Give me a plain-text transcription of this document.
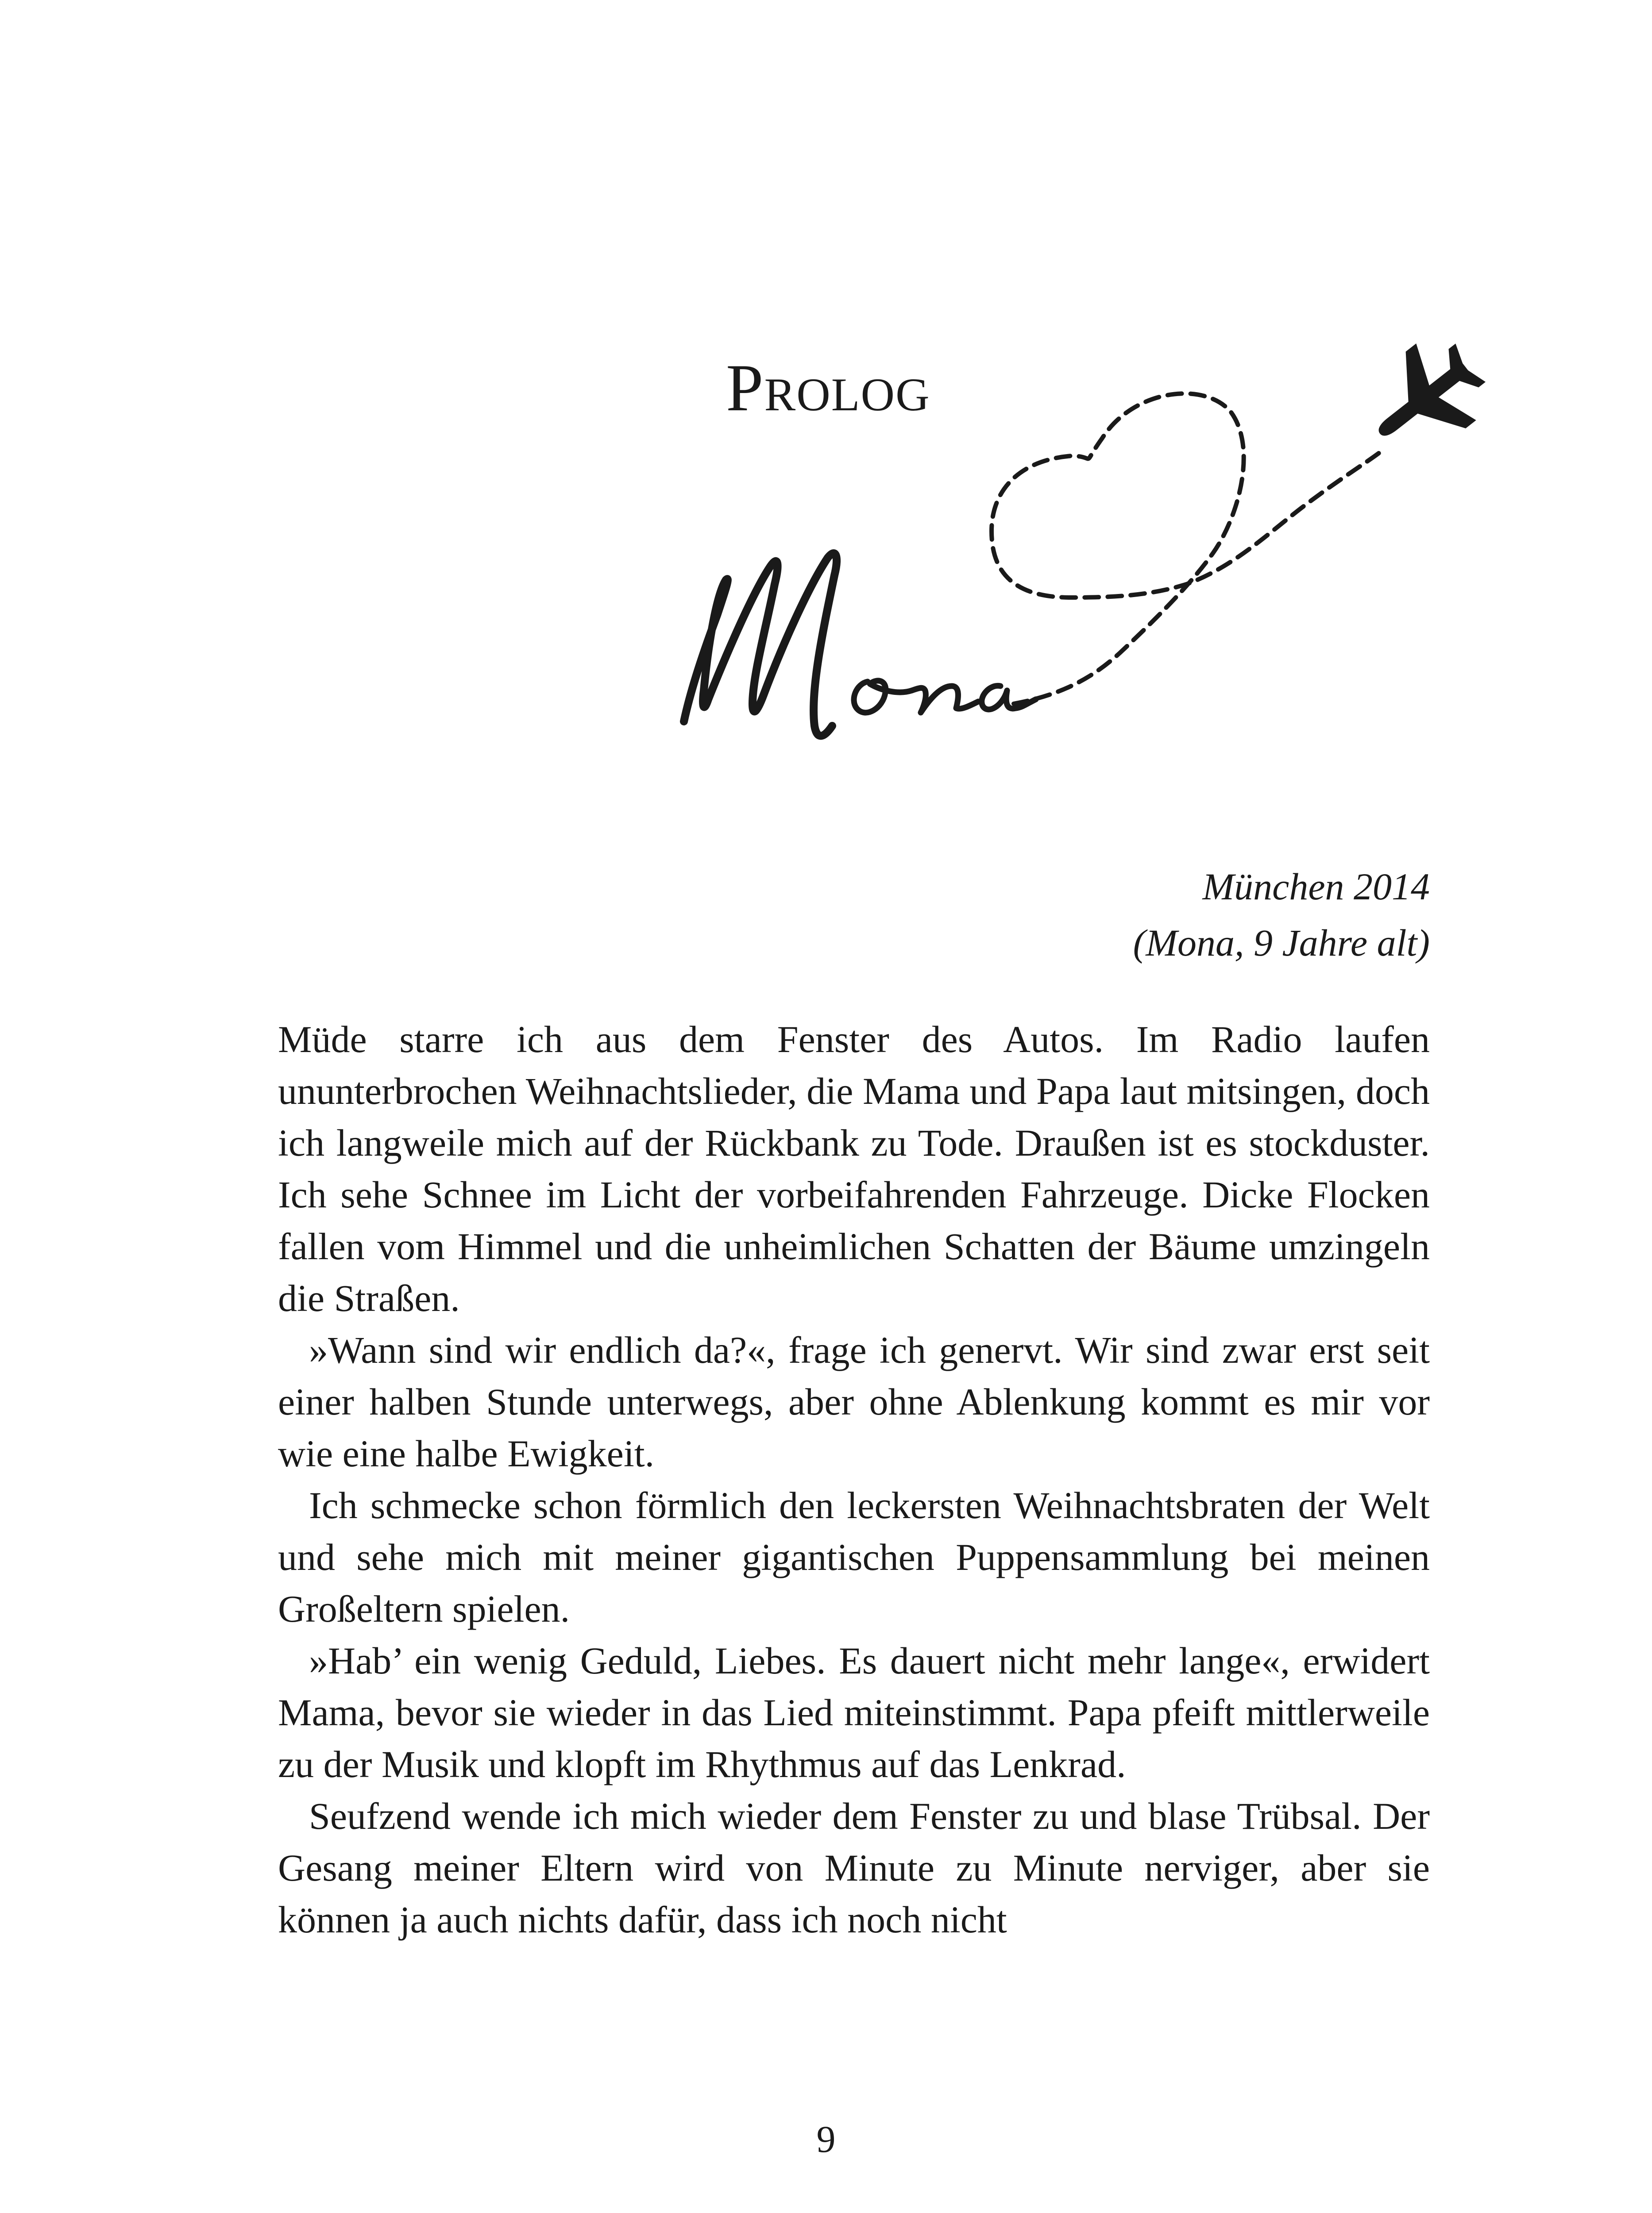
Prolog
München 2014
(Mona, 9 Jahre alt)

Müde starre ich aus dem Fenster des Autos. Im Radio laufen ununterbrochen Weihnachtslieder, die Mama und Papa laut mitsingen, doch ich langweile mich auf der Rückbank zu Tode. Draußen ist es stockduster. Ich sehe Schnee im Licht der vorbeifahrenden Fahrzeuge. Dicke Flocken fallen vom Himmel und die unheimlichen Schatten der Bäume umzingeln die Straßen.

»Wann sind wir endlich da?«, frage ich genervt. Wir sind zwar erst seit einer halben Stunde unterwegs, aber ohne Ablenkung kommt es mir vor wie eine halbe Ewigkeit.

Ich schmecke schon förmlich den leckersten Weihnachtsbraten der Welt und sehe mich mit meiner gigantischen Puppensammlung bei meinen Großeltern spielen.

»Hab’ ein wenig Geduld, Liebes. Es dauert nicht mehr lange«, erwidert Mama, bevor sie wieder in das Lied miteinstimmt. Papa pfeift mittlerweile zu der Musik und klopft im Rhythmus auf das Lenkrad.

Seufzend wende ich mich wieder dem Fenster zu und blase Trübsal. Der Gesang meiner Eltern wird von Minute zu Minute nerviger, aber sie können ja auch nichts dafür, dass ich noch nicht

9
